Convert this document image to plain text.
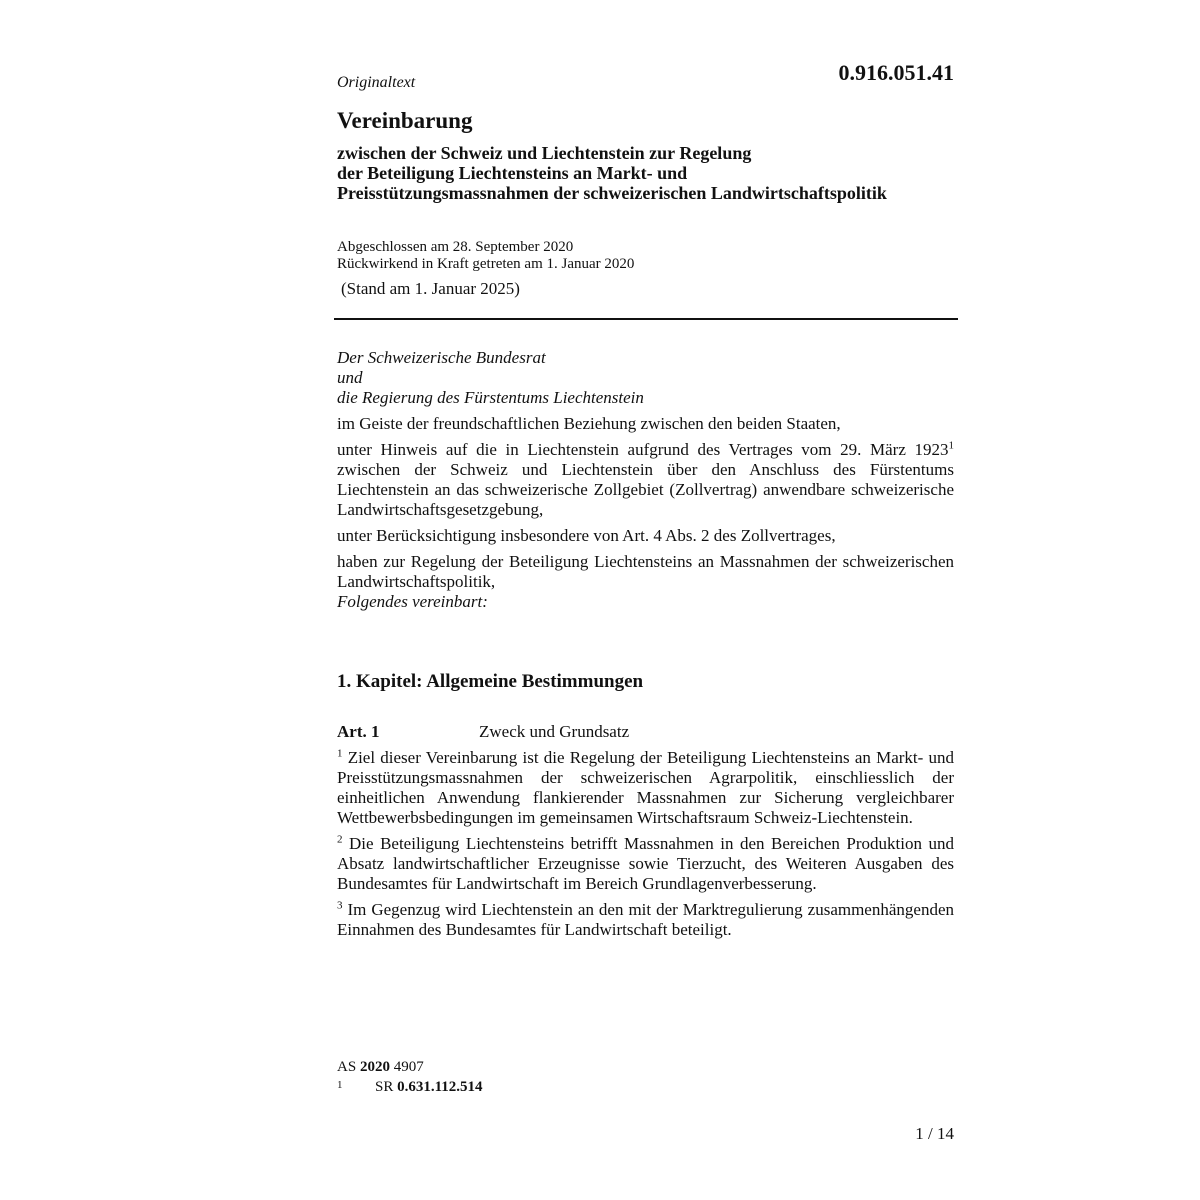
Originaltext	0.916.051.41
Vereinbarung
zwischen der Schweiz und Liechtenstein zur Regelung
der Beteiligung Liechtensteins an Markt- und
Preisstützungsmassnahmen der schweizerischen Landwirtschaftspolitik
Abgeschlossen am 28. September 2020
Rückwirkend in Kraft getreten am 1. Januar 2020
(Stand am 1. Januar 2025)

Der Schweizerische Bundesrat

und

die Regierung des Fürstentums Liechtenstein

im Geiste der freundschaftlichen Beziehung zwischen den beiden Staaten,

unter Hinweis auf die in Liechtenstein aufgrund des Vertrages vom 29. März 1923$^1$ zwischen der Schweiz und Liechtenstein über den Anschluss des Fürstentums Liechtenstein an das schweizerische Zollgebiet (Zollvertrag) anwendbare schweizerische Landwirtschaftsgesetzgebung,

unter Berücksichtigung insbesondere von Art. 4 Abs. 2 des Zollvertrages,

haben zur Regelung der Beteiligung Liechtensteins an Massnahmen der schweizerischen Landwirtschaftspolitik,

Folgendes vereinbart:

1. Kapitel: Allgemeine Bestimmungen
Art. 1	Zweck und Grundsatz

$^1$ Ziel dieser Vereinbarung ist die Regelung der Beteiligung Liechtensteins an Markt- und Preisstützungsmassnahmen der schweizerischen Agrarpolitik, einschliesslich der einheitlichen Anwendung flankierender Massnahmen zur Sicherung vergleichbarer Wettbewerbsbedingungen im gemeinsamen Wirtschaftsraum Schweiz-Liechtenstein.

$^2$ Die Beteiligung Liechtensteins betrifft Massnahmen in den Bereichen Produktion und Absatz landwirtschaftlicher Erzeugnisse sowie Tierzucht, des Weiteren Ausgaben des Bundesamtes für Landwirtschaft im Bereich Grundlagenverbesserung.

$^3$ Im Gegenzug wird Liechtenstein an den mit der Marktregulierung zusammenhängenden Einnahmen des Bundesamtes für Landwirtschaft beteiligt.

AS 2020 4907
1 SR 0.631.112.514
1 / 14
